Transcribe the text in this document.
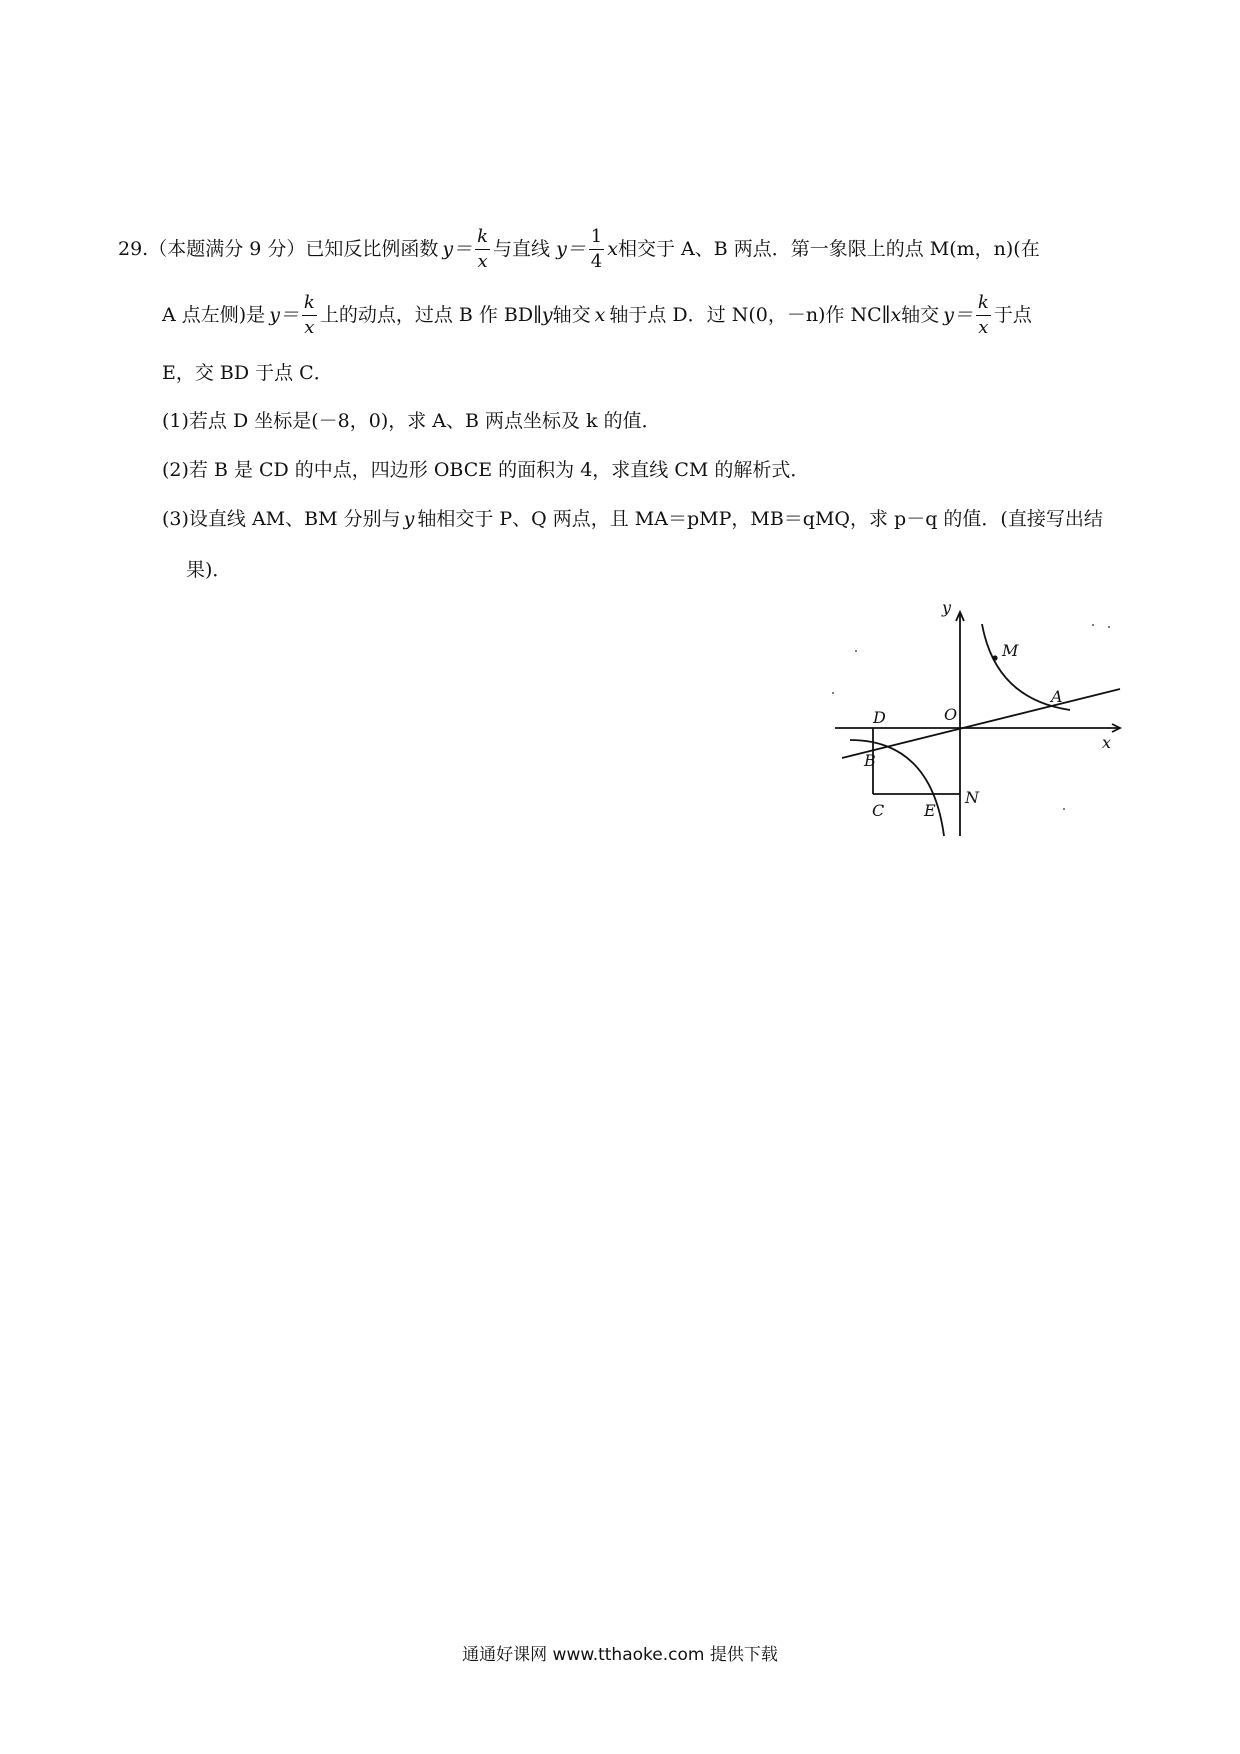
29.（本题满分 9 分）已知反比例函数 $y= \frac{k}{x}$ 与直线 $y= \frac{1}{4}$ x 相交于 A、B 两点．第一象限上的点 M(m，n)(在
A 点左侧)是 $y= \frac{k}{x}$ 上的动点，过点 B 作 BD∥ y 轴交 x 轴于点 D．过 N(0，－n)作 NC∥ x 轴交 $y= \frac{k}{x}$ 于点
E，交 BD 于点 C．
(1)若点 D 坐标是(－8，0)，求 A、B 两点坐标及 k 的值．
(2)若 B 是 CD 的中点，四边形 OBCE 的面积为 4，求直线 CM 的解析式．
(3)设直线 AM、BM 分别与 y 轴相交于 P、Q 两点，且 MA＝pMP，MB＝qMQ，求 p－q 的值．(直接写出结
果)．
y
x
O
M
A
D
B
C E
N
通通好课网 www.tthaoke.com 提供下载
